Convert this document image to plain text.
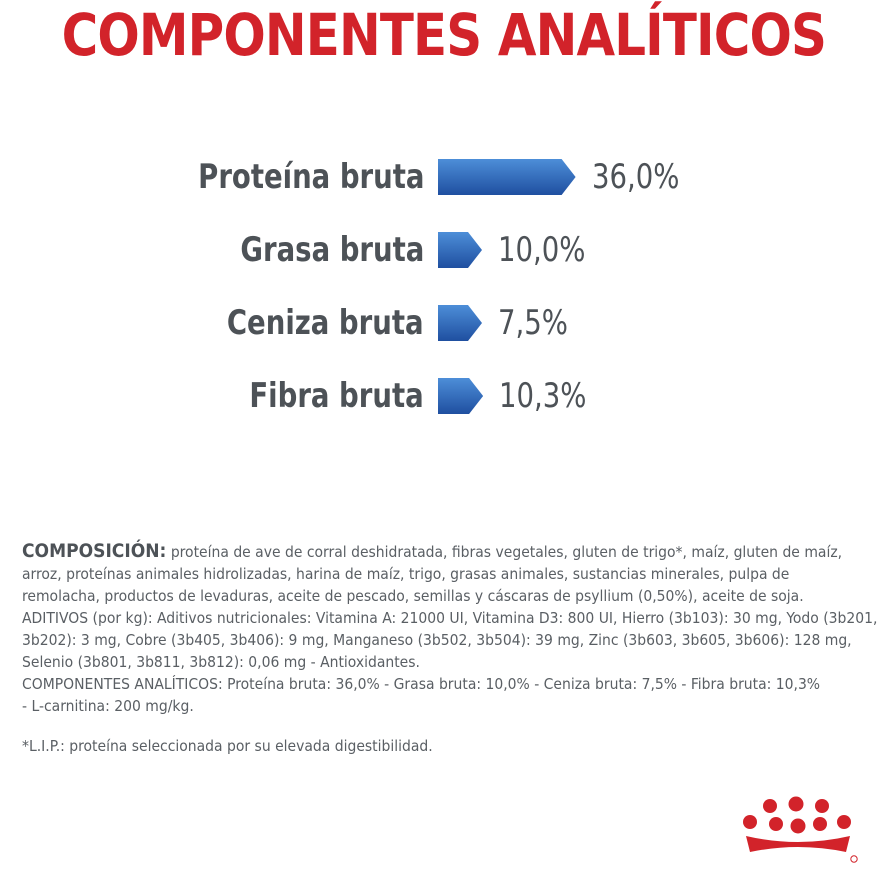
COMPONENTES ANALÍTICOS
Proteína bruta	36,0%
Grasa bruta 10,0%
Ceniza bruta 7,5%
Fibra bruta 10,3%
COMPOSICIÓN: proteína de ave de corral deshidratada, fibras vegetales, gluten de trigo*, maíz, gluten de maíz,
arroz, proteínas animales hidrolizadas, harina de maíz, trigo, grasas animales, sustancias minerales, pulpa de
remolacha, productos de levaduras, aceite de pescado, semillas y cáscaras de psyllium (0,50%), aceite de soja.
ADITIVOS (por kg): Aditivos nutricionales: Vitamina A: 21000 UI, Vitamina D3: 800 UI, Hierro (3b103): 30 mg, Yodo (3b201,
3b202): 3 mg, Cobre (3b405, 3b406): 9 mg, Manganeso (3b502, 3b504): 39 mg, Zinc (3b603, 3b605, 3b606): 128 mg,
Selenio (3b801, 3b811, 3b812): 0,06 mg - Antioxidantes.
COMPONENTES ANALÍTICOS: Proteína bruta: 36,0% - Grasa bruta: 10,0% - Ceniza bruta: 7,5% - Fibra bruta: 10,3%
- L-carnitina: 200 mg/kg.
*L.I.P.: proteína seleccionada por su elevada digestibilidad.
